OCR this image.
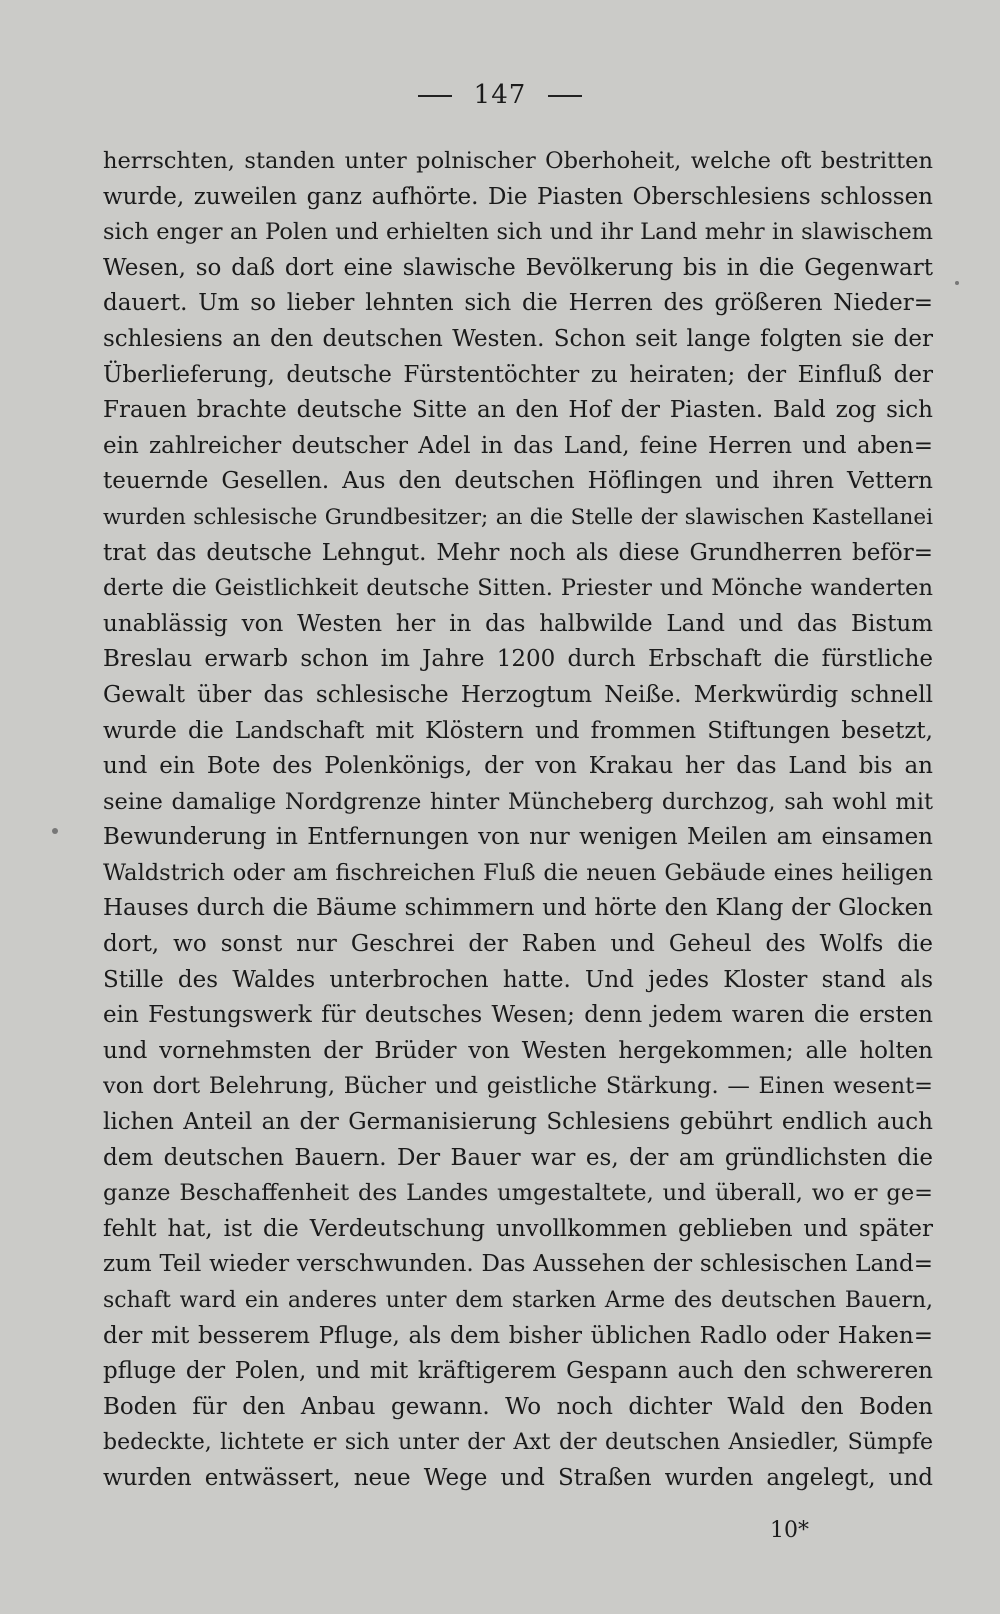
147
herrschten, standen unter polnischer Oberhoheit, welche oft bestritten
wurde, zuweilen ganz aufhörte. Die Piasten Oberschlesiens schlossen
sich enger an Polen und erhielten sich und ihr Land mehr in slawischem
Wesen, so daß dort eine slawische Bevölkerung bis in die Gegenwart
dauert. Um so lieber lehnten sich die Herren des größeren Nieder=
schlesiens an den deutschen Westen. Schon seit lange folgten sie der
Überlieferung, deutsche Fürstentöchter zu heiraten; der Einfluß der
Frauen brachte deutsche Sitte an den Hof der Piasten. Bald zog sich
ein zahlreicher deutscher Adel in das Land, feine Herren und aben=
teuernde Gesellen. Aus den deutschen Höflingen und ihren Vettern
wurden schlesische Grundbesitzer; an die Stelle der slawischen Kastellanei
trat das deutsche Lehngut. Mehr noch als diese Grundherren beför=
derte die Geistlichkeit deutsche Sitten. Priester und Mönche wanderten
unablässig von Westen her in das halbwilde Land und das Bistum
Breslau erwarb schon im Jahre 1200 durch Erbschaft die fürstliche
Gewalt über das schlesische Herzogtum Neiße. Merkwürdig schnell
wurde die Landschaft mit Klöstern und frommen Stiftungen besetzt,
und ein Bote des Polenkönigs, der von Krakau her das Land bis an
seine damalige Nordgrenze hinter Müncheberg durchzog, sah wohl mit
Bewunderung in Entfernungen von nur wenigen Meilen am einsamen
Waldstrich oder am fischreichen Fluß die neuen Gebäude eines heiligen
Hauses durch die Bäume schimmern und hörte den Klang der Glocken
dort, wo sonst nur Geschrei der Raben und Geheul des Wolfs die
Stille des Waldes unterbrochen hatte. Und jedes Kloster stand als
ein Festungswerk für deutsches Wesen; denn jedem waren die ersten
und vornehmsten der Brüder von Westen hergekommen; alle holten
von dort Belehrung, Bücher und geistliche Stärkung. — Einen wesent=
lichen Anteil an der Germanisierung Schlesiens gebührt endlich auch
dem deutschen Bauern. Der Bauer war es, der am gründlichsten die
ganze Beschaffenheit des Landes umgestaltete, und überall, wo er ge=
fehlt hat, ist die Verdeutschung unvollkommen geblieben und später
zum Teil wieder verschwunden. Das Aussehen der schlesischen Land=
schaft ward ein anderes unter dem starken Arme des deutschen Bauern,
der mit besserem Pfluge, als dem bisher üblichen Radlo oder Haken=
pfluge der Polen, und mit kräftigerem Gespann auch den schwereren
Boden für den Anbau gewann. Wo noch dichter Wald den Boden
bedeckte, lichtete er sich unter der Axt der deutschen Ansiedler, Sümpfe
wurden entwässert, neue Wege und Straßen wurden angelegt, und
10*
